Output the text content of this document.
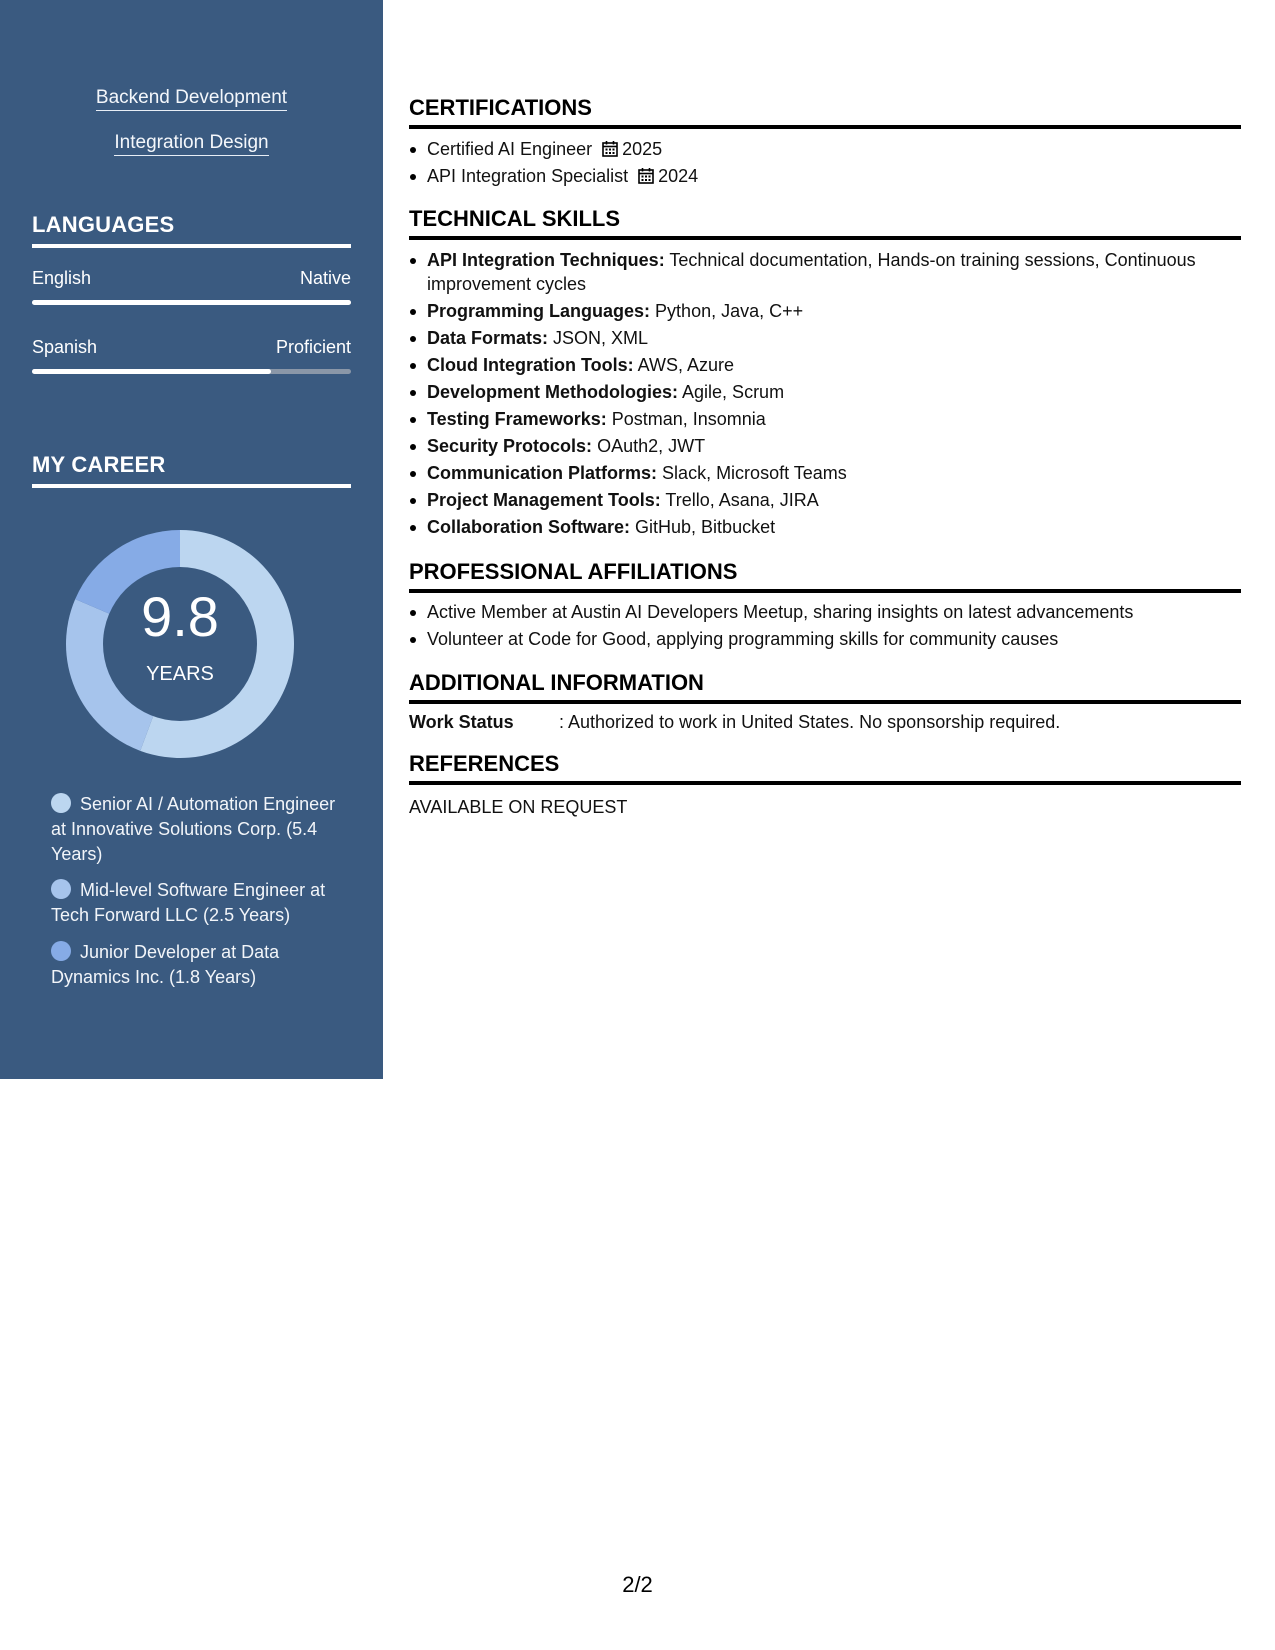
Backend Development
Integration Design
LANGUAGES
English	Native
Spanish	Proficient
MY CAREER
9.8
YEARS
Senior AI / Automation Engineer at Innovative Solutions Corp. (5.4 Years)
Mid-level Software Engineer at Tech Forward LLC (2.5 Years)
Junior Developer at Data Dynamics Inc. (1.8 Years)
CERTIFICATIONS
Certified AI Engineer 2025
API Integration Specialist 2024
TECHNICAL SKILLS
API Integration Techniques: Technical documentation, Hands-on training sessions, Continuous improvement cycles
Programming Languages: Python, Java, C++
Data Formats: JSON, XML
Cloud Integration Tools: AWS, Azure
Development Methodologies: Agile, Scrum
Testing Frameworks: Postman, Insomnia
Security Protocols: OAuth2, JWT
Communication Platforms: Slack, Microsoft Teams
Project Management Tools: Trello, Asana, JIRA
Collaboration Software: GitHub, Bitbucket
PROFESSIONAL AFFILIATIONS
Active Member at Austin AI Developers Meetup, sharing insights on latest advancements
Volunteer at Code for Good, applying programming skills for community causes
ADDITIONAL INFORMATION
Work Status	: Authorized to work in United States. No sponsorship required.
REFERENCES
AVAILABLE ON REQUEST
2/2
